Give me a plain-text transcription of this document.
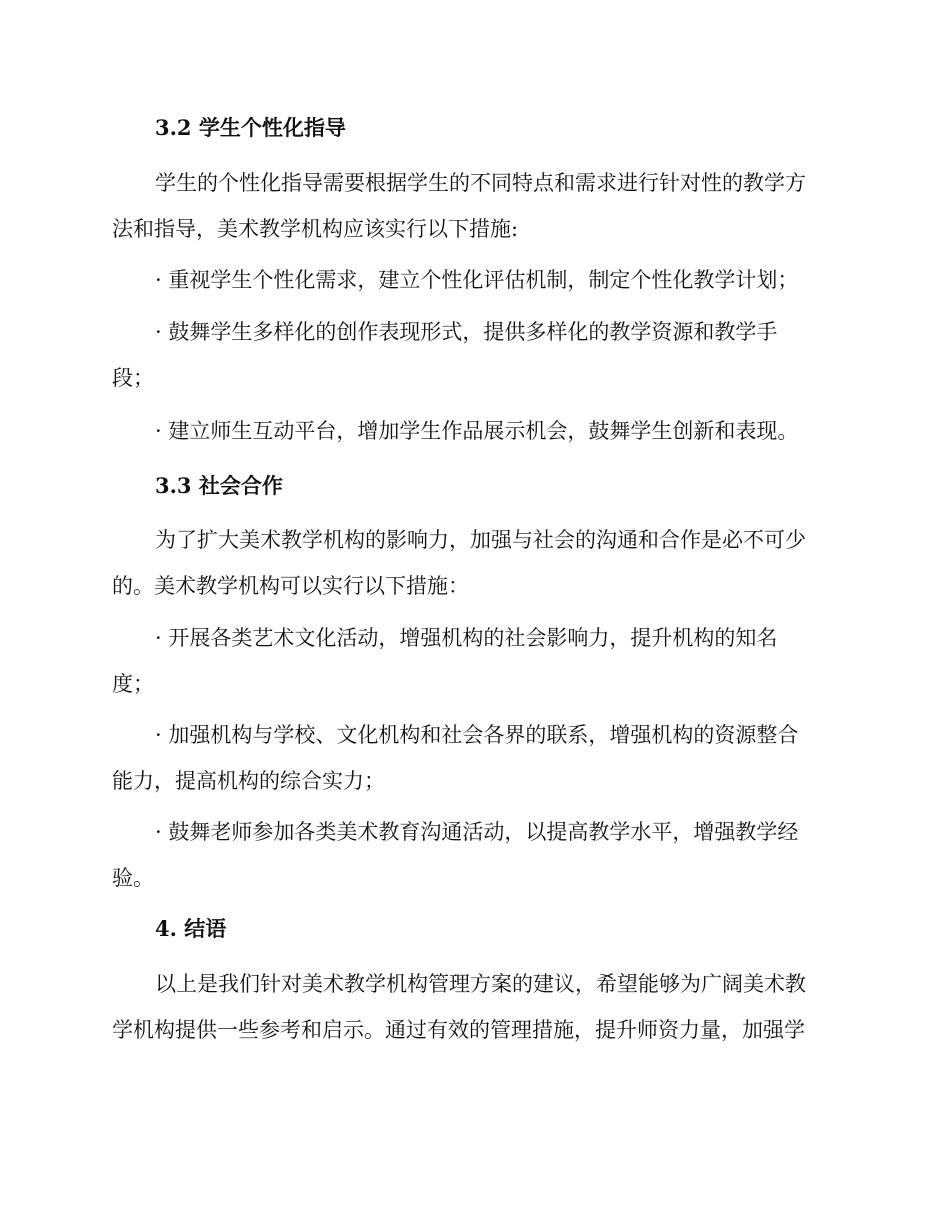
3.2 学生个性化指导

学生的个性化指导需要根据学生的不同特点和需求进行针对性的教学方
法和指导，美术教学机构应该实行以下措施:

· 重视学生个性化需求，建立个性化评估机制，制定个性化教学计划；

· 鼓舞学生多样化的创作表现形式，提供多样化的教学资源和教学手
段；

· 建立师生互动平台，增加学生作品展示机会，鼓舞学生创新和表现。

3.3 社会合作

为了扩大美术教学机构的影响力，加强与社会的沟通和合作是必不可少
的。美术教学机构可以实行以下措施：

· 开展各类艺术文化活动，增强机构的社会影响力，提升机构的知名
度；

· 加强机构与学校、文化机构和社会各界的联系，增强机构的资源整合
能力，提高机构的综合实力；

· 鼓舞老师参加各类美术教育沟通活动，以提高教学水平，增强教学经
验。

4. 结语

以上是我们针对美术教学机构管理方案的建议，希望能够为广阔美术教
学机构提供一些参考和启示。通过有效的管理措施，提升师资力量，加强学
